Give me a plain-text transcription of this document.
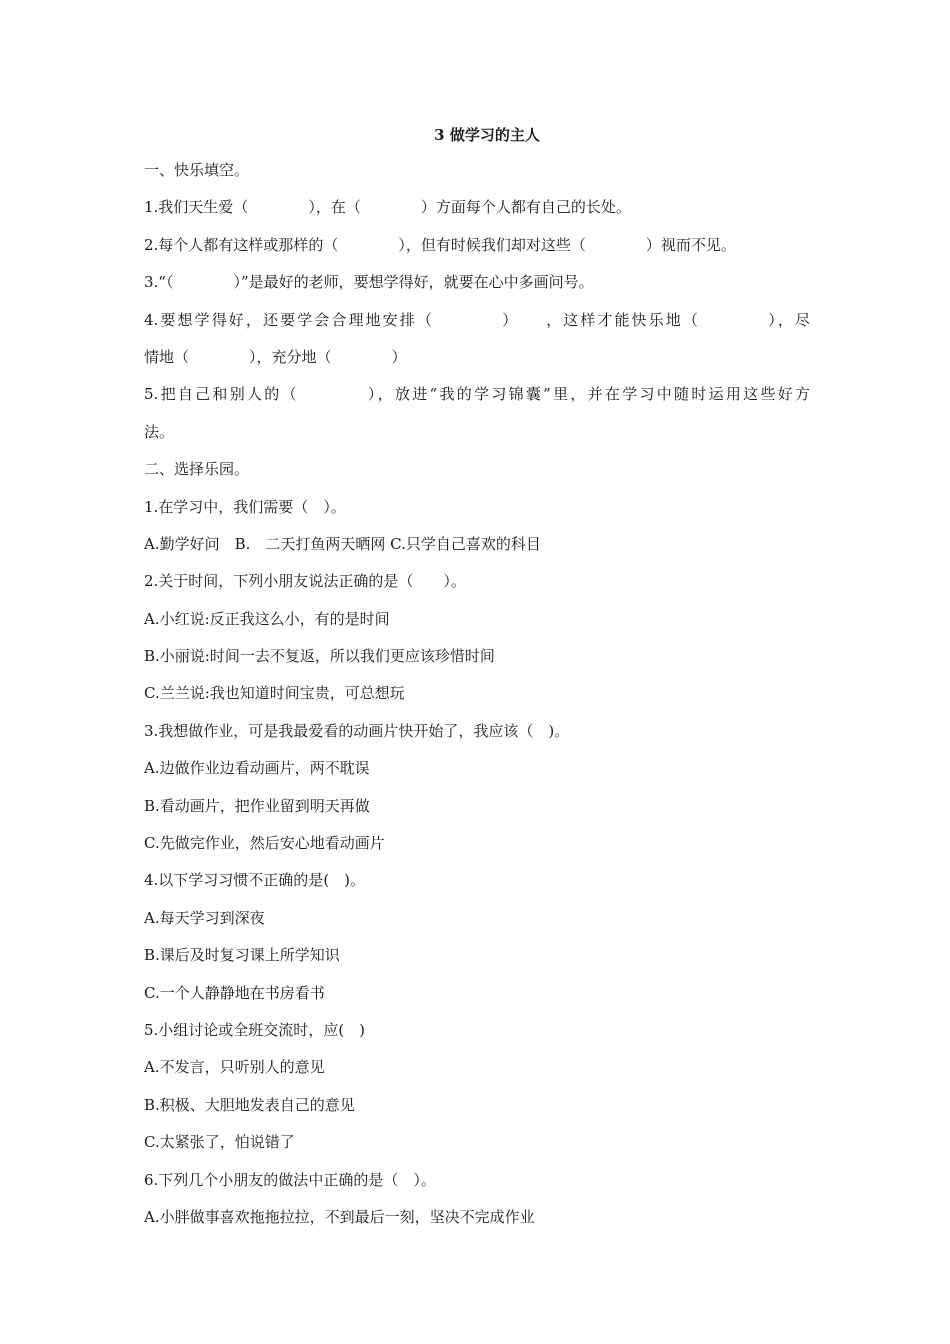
3 做学习的主人
一、快乐填空。
1.我们天生爱（　　　　），在（　　　　）方面每个人都有自己的长处。
2.每个人都有这样或那样的（　　　　），但有时候我们却对这些（　　　　）视而不见。
3.“（　　　　）”是最好的老师，要想学得好，就要在心中多画问号。
4.要想学得好，还要学会合理地安排（　　　　）　　，这样才能快乐地（　　　　），尽
情地（　　　　），充分地（　　　　）
5.把自己和别人的（　　　　），放进“我的学习锦囊”里，并在学习中随时运用这些好方
法。
二、选择乐园。
1.在学习中，我们需要（　）。
A.勤学好问　B.　二天打鱼两天晒网 C.只学自己喜欢的科目
2.关于时间，下列小朋友说法正确的是（　　）。
A.小红说:反正我这么小，有的是时间
B.小丽说:时间一去不复返，所以我们更应该珍惜时间
C.兰兰说:我也知道时间宝贵，可总想玩
3.我想做作业，可是我最爱看的动画片快开始了，我应该（　)。
A.边做作业边看动画片，两不耽误
B.看动画片，把作业留到明天再做
C.先做完作业，然后安心地看动画片
4.以下学习习惯不正确的是(　)。
A.每天学习到深夜
B.课后及时复习课上所学知识
C.一个人静静地在书房看书
5.小组讨论或全班交流时，应(　)
A.不发言，只听别人的意见
B.积极、大胆地发表自己的意见
C.太紧张了，怕说错了
6.下列几个小朋友的做法中正确的是（　）。
A.小胖做事喜欢拖拖拉拉，不到最后一刻，坚决不完成作业
